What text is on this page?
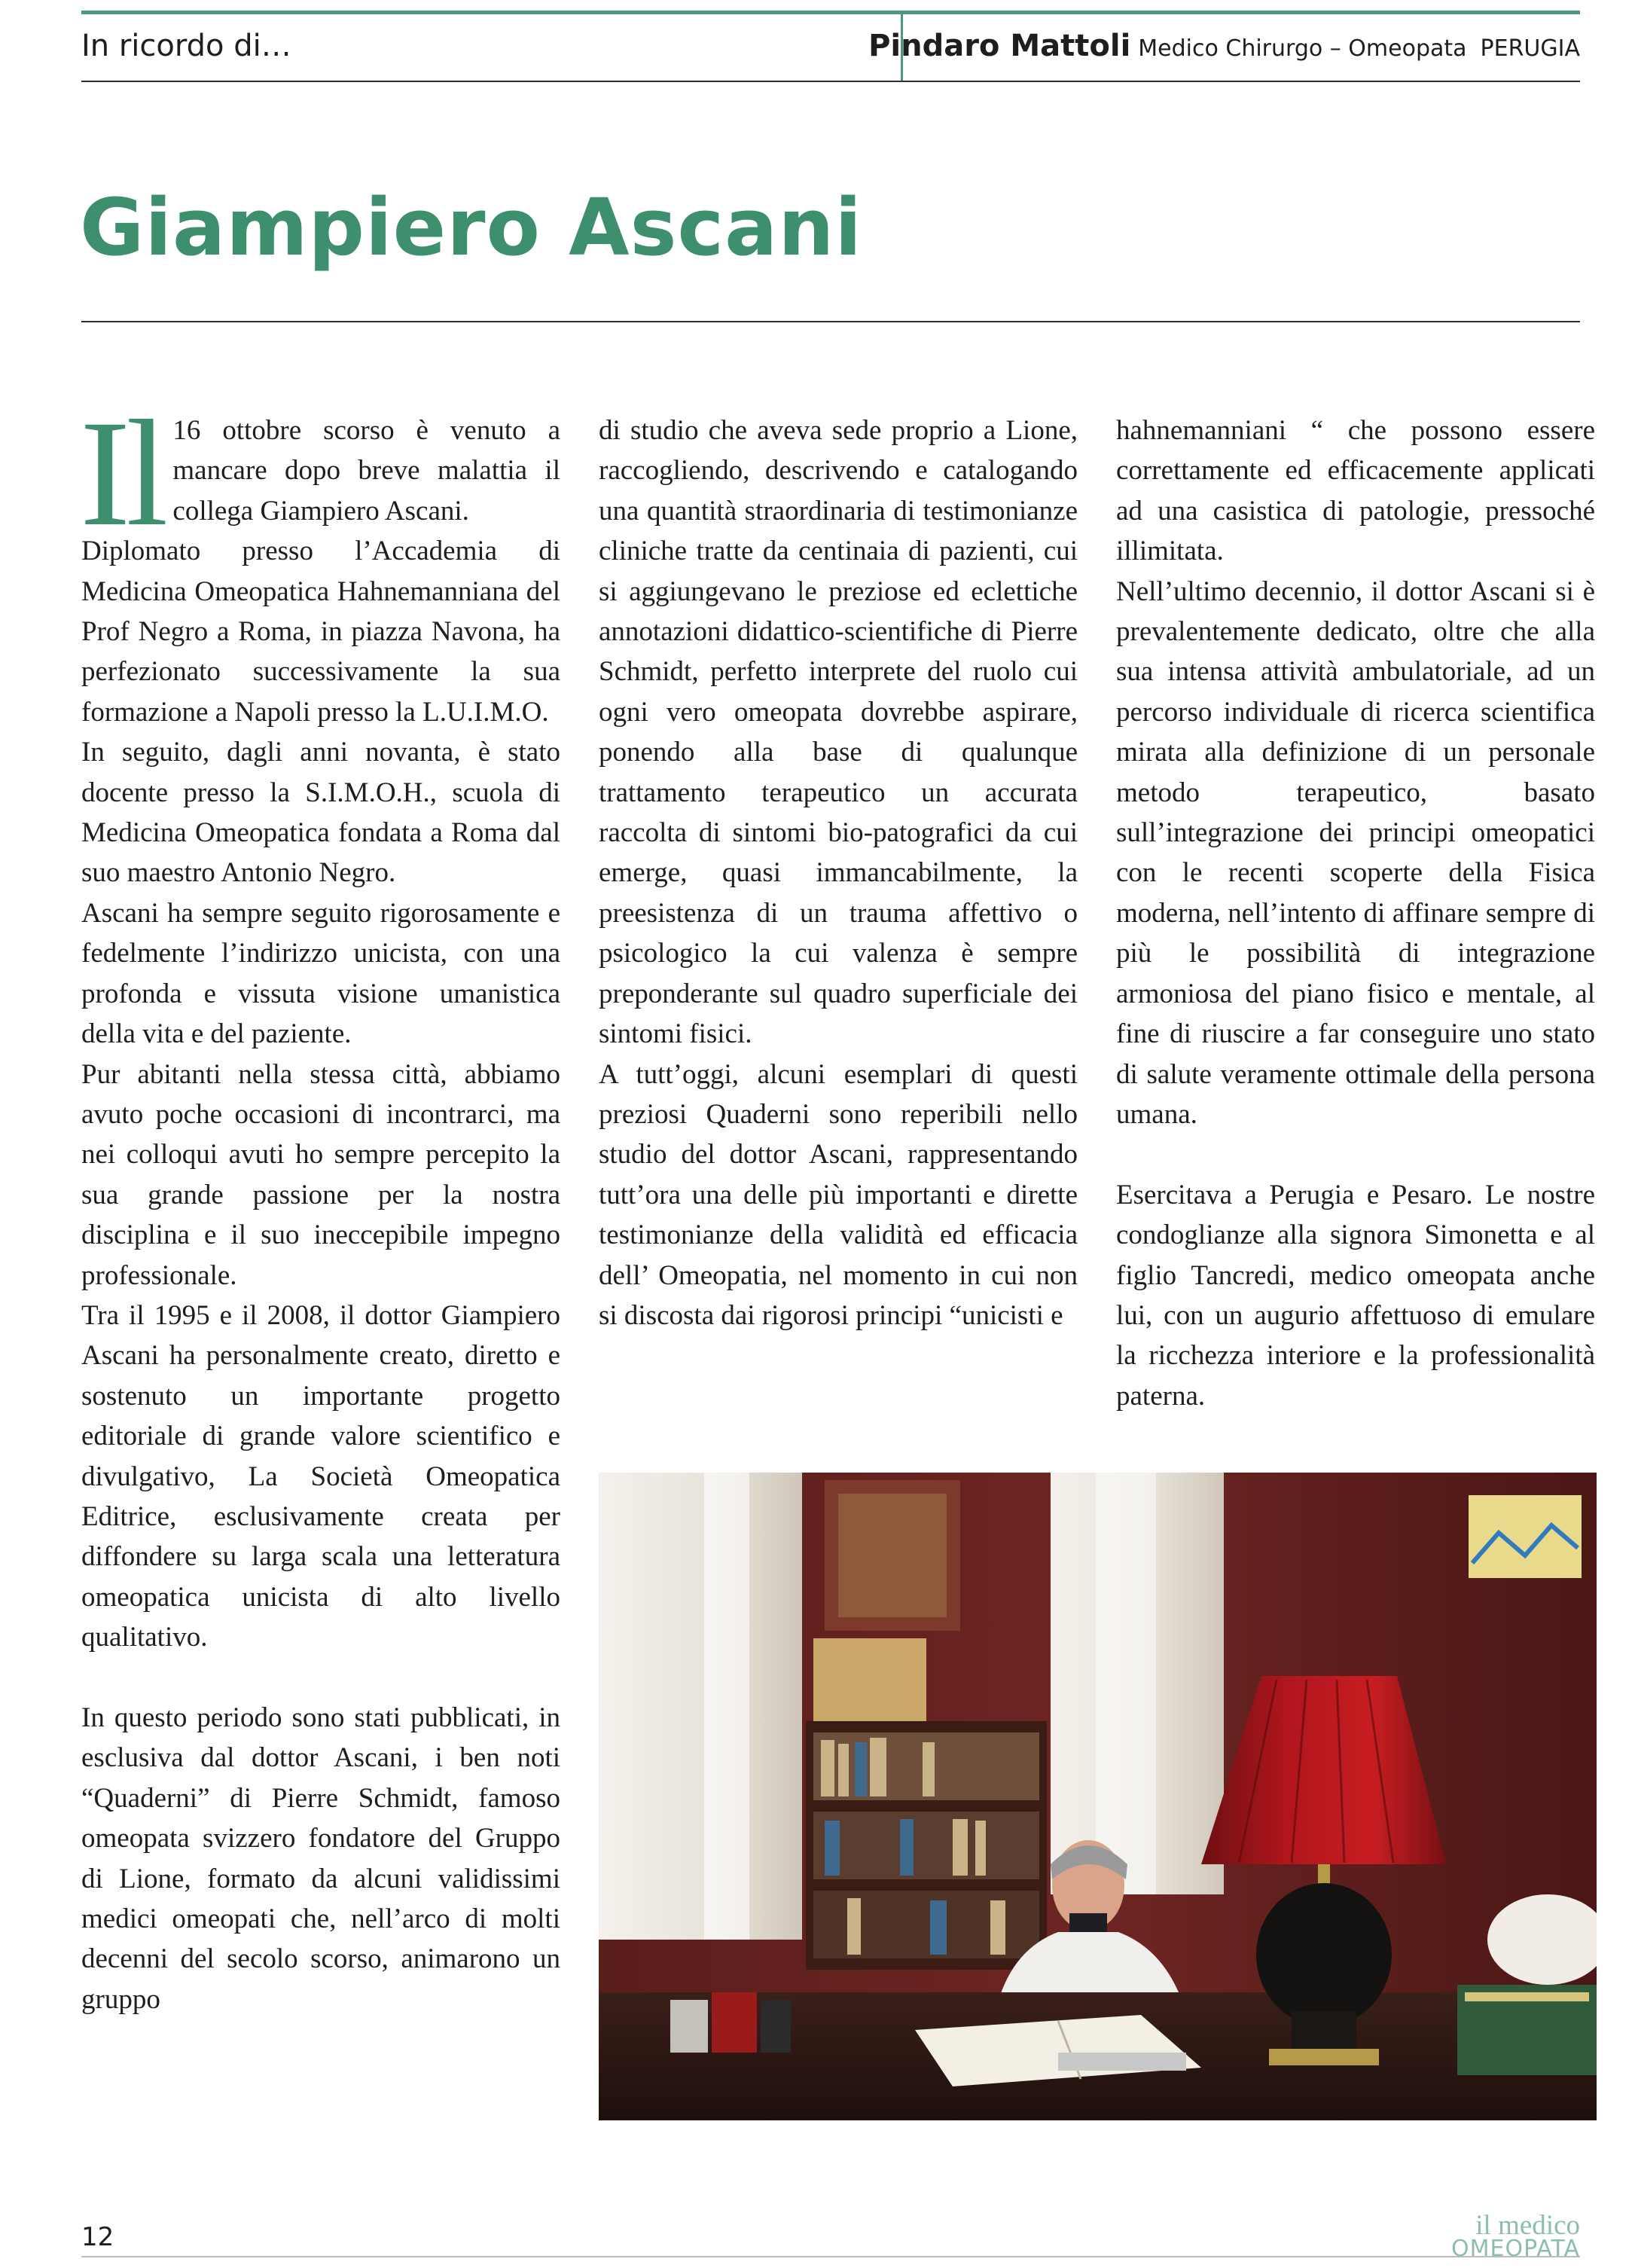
In ricordo di…	Pindaro Mattoli Medico Chirurgo – Omeopata PERUGIA
Giampiero Ascani

Il 16 ottobre scorso è venuto a mancare dopo breve malattia il collega Giampiero Ascani.

Diplomato presso l’Accademia di Medicina Omeopatica Hahnemanniana del Prof Negro a Roma, in piazza Navona, ha perfezionato successivamente la sua formazione a Napoli presso la L.U.I.M.O.

In seguito, dagli anni novanta, è stato docente presso la S.I.M.O.H., scuola di Medicina Omeopatica fondata a Roma dal suo maestro Antonio Negro.

Ascani ha sempre seguito rigorosamente e fedelmente l’indirizzo unicista, con una profonda e vissuta visione umanistica della vita e del paziente.

Pur abitanti nella stessa città, abbiamo avuto poche occasioni di incontrarci, ma nei colloqui avuti ho sempre percepito la sua grande passione per la nostra disciplina e il suo ineccepibile impegno professionale.

Tra il 1995 e il 2008, il dottor Giampiero Ascani ha personalmente creato, diretto e sostenuto un importante progetto editoriale di grande valore scientifico e divulgativo, La Società Omeopatica Editrice, esclusivamente creata per diffondere su larga scala una letteratura omeopatica unicista di alto livello qualitativo.

In questo periodo sono stati pubblicati, in esclusiva dal dottor Ascani, i ben noti “Quaderni” di Pierre Schmidt, famoso omeopata svizzero fondatore del Gruppo di Lione, formato da alcuni validissimi medici omeopati che, nell’arco di molti decenni del secolo scorso, animarono un gruppo

di studio che aveva sede proprio a Lione, raccogliendo, descrivendo e catalogando una quantità straordinaria di testimonianze cliniche tratte da centinaia di pazienti, cui si aggiungevano le preziose ed eclettiche annotazioni didattico-scientifiche di Pierre Schmidt, perfetto interprete del ruolo cui ogni vero omeopata dovrebbe aspirare, ponendo alla base di qualunque trattamento terapeutico un accurata raccolta di sintomi bio-patografici da cui emerge, quasi immancabilmente, la preesistenza di un trauma affettivo o psicologico la cui valenza è sempre preponderante sul quadro superficiale dei sintomi fisici.

A tutt’oggi, alcuni esemplari di questi preziosi Quaderni sono reperibili nello studio del dottor Ascani, rappresentando tutt’ora una delle più importanti e dirette testimonianze della validità ed efficacia dell’ Omeopatia, nel momento in cui non si discosta dai rigorosi principi “unicisti e

hahnemanniani “ che possono essere correttamente ed efficacemente applicati ad una casistica di patologie, pressoché illimitata.

Nell’ultimo decennio, il dottor Ascani si è prevalentemente dedicato, oltre che alla sua intensa attività ambulatoriale, ad un percorso individuale di ricerca scientifica mirata alla definizione di un personale metodo terapeutico, basato sull’integrazione dei principi omeopatici con le recenti scoperte della Fisica moderna, nell’intento di affinare sempre di più le possibilità di integrazione armoniosa del piano fisico e mentale, al fine di riuscire a far conseguire uno stato di salute veramente ottimale della persona umana.

Esercitava a Perugia e Pesaro. Le nostre condoglianze alla signora Simonetta e al figlio Tancredi, medico omeopata anche lui, con un augurio affettuoso di emulare la ricchezza interiore e la professionalità paterna.

12	il medico
OMEOPATA
